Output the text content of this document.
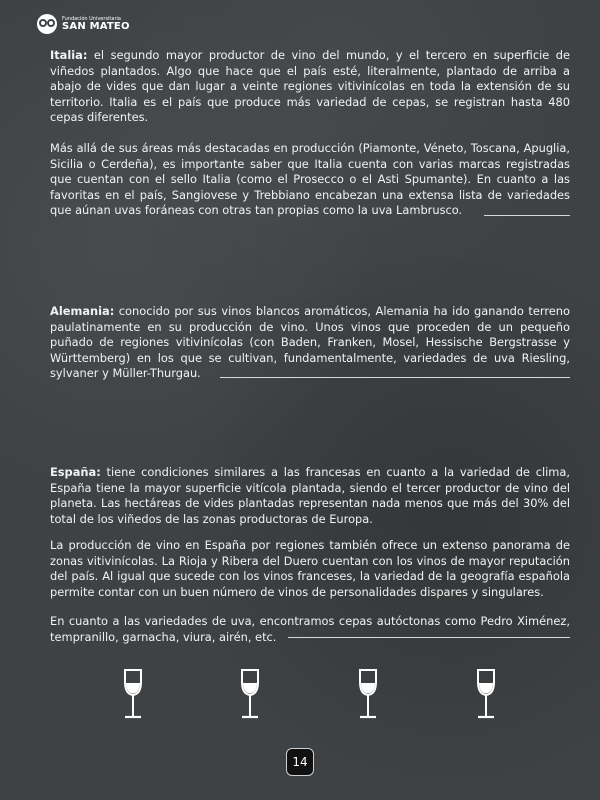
Fundación Universitaria
SAN MATEO

Italia: el segundo mayor productor de vino del mundo, y el tercero en superficie de viñedos plantados. Algo que hace que el país esté, literalmente, plantado de arriba a abajo de vides que dan lugar a veinte regiones vitivinícolas en toda la extensión de su territorio. Italia es el país que produce más variedad de cepas, se registran hasta 480 cepas diferentes.

Más allá de sus áreas más destacadas en producción (Piamonte, Véneto, Toscana, Apuglia, Sicilia o Cerdeña), es importante saber que Italia cuenta con varias marcas registradas que cuentan con el sello Italia (como el Prosecco o el Asti Spumante). En cuanto a las favoritas en el país, Sangiovese y Trebbiano encabezan una extensa lista de variedades que aúnan uvas foráneas con otras tan propias como la uva Lambrusco.

Alemania: conocido por sus vinos blancos aromáticos, Alemania ha ido ganando terreno paulatinamente en su producción de vino. Unos vinos que proceden de un pequeño puñado de regiones vitivinícolas (con Baden, Franken, Mosel, Hessische Bergstrasse y Württemberg) en los que se cultivan, fundamentalmente, variedades de uva Riesling, sylvaner y Müller-Thurgau.

España: tiene condiciones similares a las francesas en cuanto a la variedad de clima, España tiene la mayor superficie vitícola plantada, siendo el tercer productor de vino del planeta. Las hectáreas de vides plantadas representan nada menos que más del 30% del total de los viñedos de las zonas productoras de Europa.

La producción de vino en España por regiones también ofrece un extenso panorama de zonas vitivinícolas. La Rioja y Ribera del Duero cuentan con los vinos de mayor reputación del país. Al igual que sucede con los vinos franceses, la variedad de la geografía española permite contar con un buen número de vinos de personalidades dispares y singulares.

En cuanto a las variedades de uva, encontramos cepas autóctonas como Pedro Ximénez, tempranillo, garnacha, viura, airén, etc.

14
